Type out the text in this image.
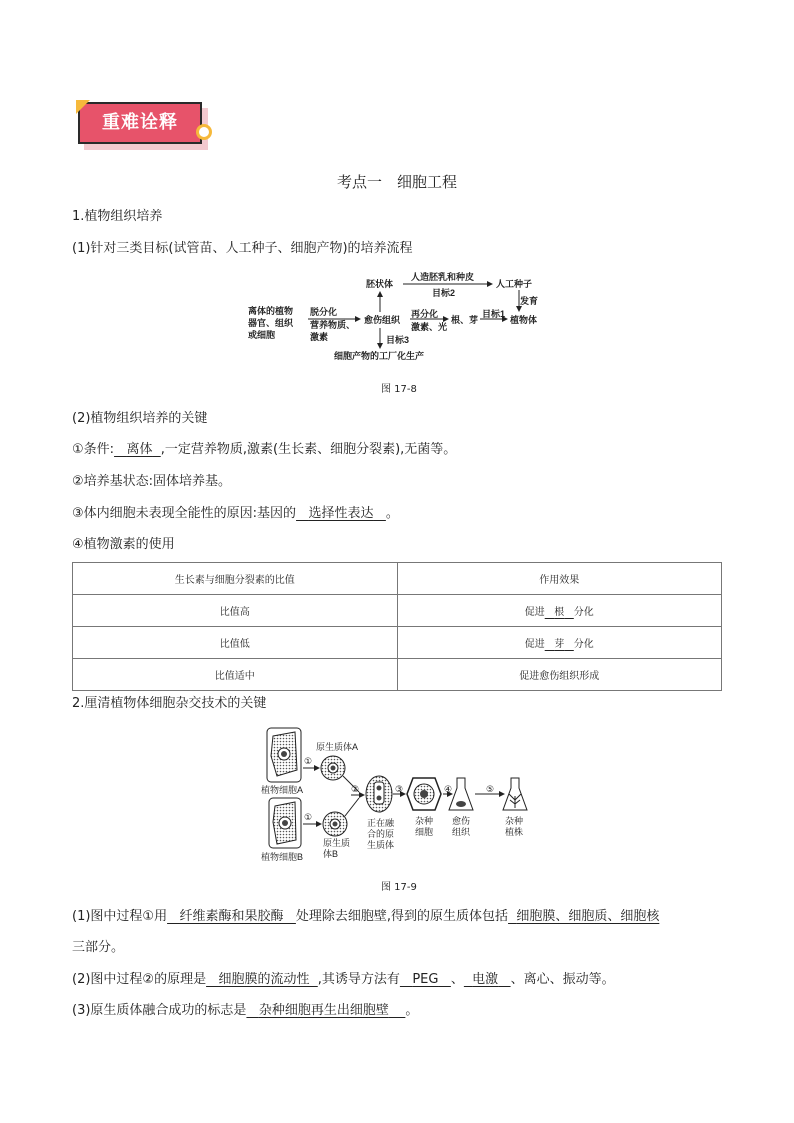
重难诠释
考点一　细胞工程
1.植物组织培养
(1)针对三类目标(试管苗、人工种子、细胞产物)的培养流程
离体的植物
器官、组织
或细胞
脱分化
营养物质、
激素
愈伤组织
胚状体
人造胚乳和种皮
目标2
人工种子
发育
再分化
激素、光
根、芽
目标1
植物体
目标3
细胞产物的工厂化生产
图 17-8
(2)植物组织培养的关键
①条件: 离体 ,一定营养物质,激素(生长素、细胞分裂素),无菌等。
②培养基状态:固体培养基。
③体内细胞未表现全能性的原因:基因的 选择性表达 。
④植物激素的使用
生长素与细胞分裂素的比值	作用效果
比值高	促进 根 分化
比值低	促进 芽 分化
比值适中	促进愈伤组织形成
2.厘清植物体细胞杂交技术的关键
①
①
②	③	④	⑤
原生质体A
植物细胞A
植物细胞B
原生质
体B
正在融
合的原
生质体
杂种
细胞
愈伤
组织
杂种
植株
图 17-9
(1)图中过程①用 纤维素酶和果胶酶 处理除去细胞壁,得到的原生质体包括 细胞膜、细胞质、细胞核
三部分。
(2)图中过程②的原理是 细胞膜的流动性 ,其诱导方法有 PEG 、 电激 、离心、振动等。
(3)原生质体融合成功的标志是 杂种细胞再生出细胞壁 。
